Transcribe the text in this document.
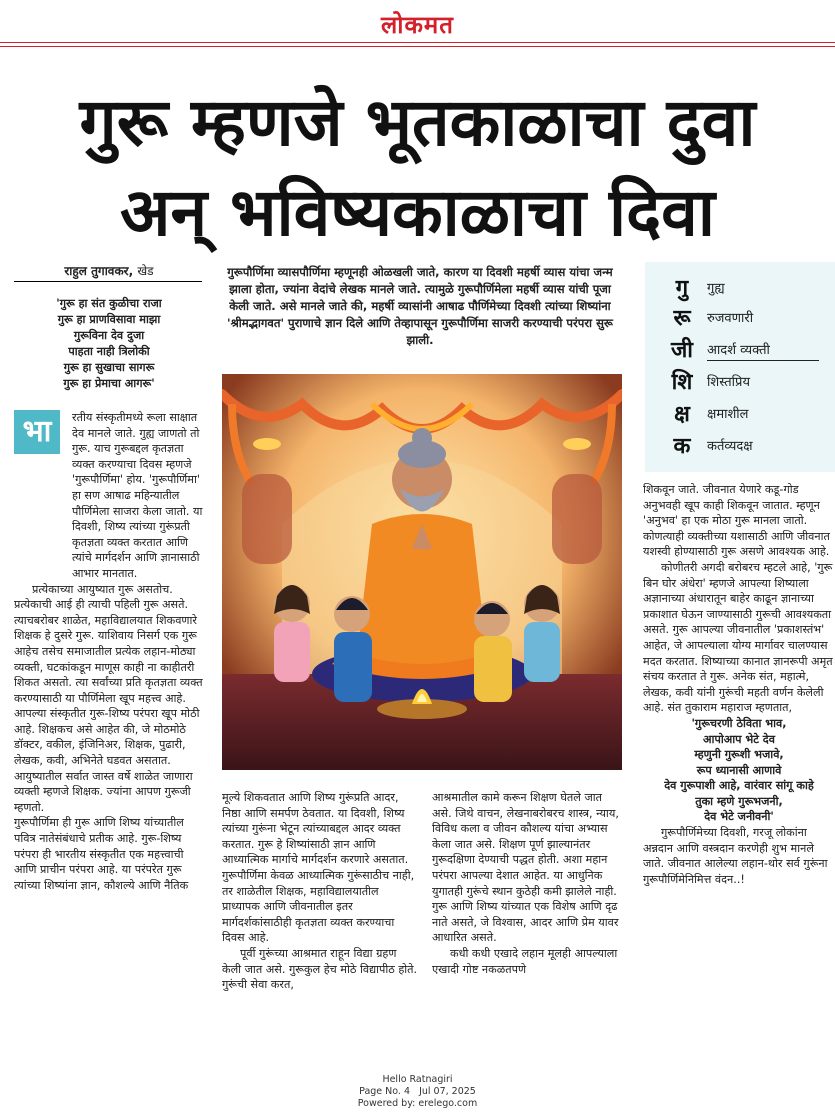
लोकमत
गुरू म्हणजे भूतकाळाचा दुवा
अन् भविष्यकाळाचा दिवा
राहुल तुगावकर, खेड
'गुरू हा संत कुळीचा राजा
गुरू हा प्राणविसावा माझा
गुरूविना देव दुजा
पाहता नाही त्रिलोकी
गुरू हा सुखाचा सागरू
गुरू हा प्रेमाचा आगरू'
भा	रतीय संस्कृतीमध्ये रूला साक्षात देव मानले जाते. गुह्य जाणतो तो गुरू. याच गुरूबद्दल कृतज्ञता व्यक्त करण्याचा दिवस म्हणजे 'गुरूपौर्णिमा' होय. 'गुरूपौर्णिमा' हा सण आषाढ महिन्यातील पौर्णिमेला साजरा केला जातो. या दिवशी, शिष्य त्यांच्या गुरूंप्रती कृतज्ञता व्यक्त करतात आणि त्यांचे मार्गदर्शन आणि ज्ञानासाठी आभार मानतात.

प्रत्येकाच्या आयुष्यात गुरू असतोच. प्रत्येकाची आई ही त्याची पहिली गुरू असते. त्याचबरोबर शाळेत, महाविद्यालयात शिकवणारे शिक्षक हे दुसरे गुरू. याशिवाय निसर्ग एक गुरू आहेच तसेच समाजातील प्रत्येक लहान-मोठ्या व्यक्ती, घटकांकडून माणूस काही ना काहीतरी शिकत असतो. त्या सर्वांच्या प्रति कृतज्ञता व्यक्त करण्यासाठी या पौर्णिमेला खूप महत्त्व आहे. आपल्या संस्कृतीत गुरू-शिष्य परंपरा खूप मोठी आहे. शिक्षकच असे आहेत की, जे मोठमोठे डॉक्टर, वकील, इंजिनिअर, शिक्षक, पुढारी, लेखक, कवी, अभिनेते घडवत असतात. आयुष्यातील सर्वात जास्त वर्षे शाळेत जाणारा व्यक्ती म्हणजे शिक्षक. ज्यांना आपण गुरूजी म्हणतो.

गुरूपौर्णिमा ही गुरू आणि शिष्य यांच्यातील पवित्र नातेसंबंधाचे प्रतीक आहे. गुरू-शिष्य परंपरा ही भारतीय संस्कृतीत एक महत्त्वाची आणि प्राचीन परंपरा आहे. या परंपरेत गुरू त्यांच्या शिष्यांना ज्ञान, कौशल्ये आणि नैतिक

गुरूपौर्णिमा व्यासपौर्णिमा म्हणूनही ओळखली जाते, कारण या दिवशी महर्षी व्यास यांचा जन्म झाला होता, ज्यांना वेदांचे लेखक मानले जाते. त्यामुळे गुरूपौर्णिमेला महर्षी व्यास यांची पूजा केली जाते. असे मानले जाते की, महर्षी व्यासांनी आषाढ पौर्णिमेच्या दिवशी त्यांच्या शिष्यांना 'श्रीमद्भागवत' पुराणाचे ज्ञान दिले आणि तेव्हापासून गुरूपौर्णिमा साजरी करण्याची परंपरा सुरू झाली.
गु	गुह्य
रू	रुजवणारी
जी	आदर्श व्यक्ती
शि	शिस्तप्रिय
क्ष	क्षमाशील
क	कर्तव्यदक्ष

मूल्ये शिकवतात आणि शिष्य गुरूंप्रति आदर, निष्ठा आणि समर्पण ठेवतात. या दिवशी, शिष्य त्यांच्या गुरूंना भेटून त्यांच्याबद्दल आदर व्यक्त करतात. गुरू हे शिष्यांसाठी ज्ञान आणि आध्यात्मिक मार्गाचे मार्गदर्शन करणारे असतात. गुरूपौर्णिमा केवळ आध्यात्मिक गुरूंसाठीच नाही, तर शाळेतील शिक्षक, महाविद्यालयातील प्राध्यापक आणि जीवनातील इतर मार्गदर्शकांसाठीही कृतज्ञता व्यक्त करण्याचा दिवस आहे.

पूर्वी गुरूंच्या आश्रमात राहून विद्या ग्रहण केली जात असे. गुरूकुल हेच मोठे विद्यापीठ होते. गुरूंची सेवा करत,

आश्रमातील कामे करून शिक्षण घेतले जात असे. जिथे वाचन, लेखनाबरोबरच शास्त्र, न्याय, विविध कला व जीवन कौशल्य यांचा अभ्यास केला जात असे. शिक्षण पूर्ण झाल्यानंतर गुरूदक्षिणा देण्याची पद्धत होती. अशा महान परंपरा आपल्या देशात आहेत. या आधुनिक युगातही गुरूंचे स्थान कुठेही कमी झालेले नाही. गुरू आणि शिष्य यांच्यात एक विशेष आणि दृढ नाते असते, जे विश्वास, आदर आणि प्रेम यावर आधारित असते.

कधी कधी एखादे लहान मूलही आपल्याला एखादी गोष्ट नकळतपणे

शिकवून जाते. जीवनात येणारे कडू-गोड अनुभवही खूप काही शिकवून जातात. म्हणून 'अनुभव' हा एक मोठा गुरू मानला जातो. कोणत्याही व्यक्तीच्या यशासाठी आणि जीवनात यशस्वी होण्यासाठी गुरू असणे आवश्यक आहे.

कोणीतरी अगदी बरोबरच म्हटले आहे, 'गुरू बिन घोर अंधेरा' म्हणजे आपल्या शिष्याला अज्ञानाच्या अंधारातून बाहेर काढून ज्ञानाच्या प्रकाशात घेऊन जाण्यासाठी गुरूची आवश्यकता असते. गुरू आपल्या जीवनातील 'प्रकाशस्तंभ' आहेत, जे आपल्याला योग्य मार्गावर चालण्यास मदत करतात. शिष्याच्या कानात ज्ञानरूपी अमृत संचय करतात ते गुरू. अनेक संत, महात्मे, लेखक, कवी यांनी गुरूंची महती वर्णन केलेली आहे. संत तुकाराम महाराज म्हणतात,

'गुरूचरणी ठेविता भाव,

आपोआप भेटे देव

म्हणुनी गुरूशी भजावे,

रूप ध्यानासी आणावे

देव गुरूपाशी आहे, वारंवार सांगू काहे

तुका म्हणे गुरूभजनी,

देव भेटे जनीवनी'

गुरूपौर्णिमेच्या दिवशी, गरजू लोकांना अन्नदान आणि वस्त्रदान करणेही शुभ मानले जाते. जीवनात आलेल्या लहान-थोर सर्व गुरूंना गुरूपौर्णिमेनिमित्त वंदन..!

Hello Ratnagiri
Page No. 4 Jul 07, 2025
Powered by: erelego.com
